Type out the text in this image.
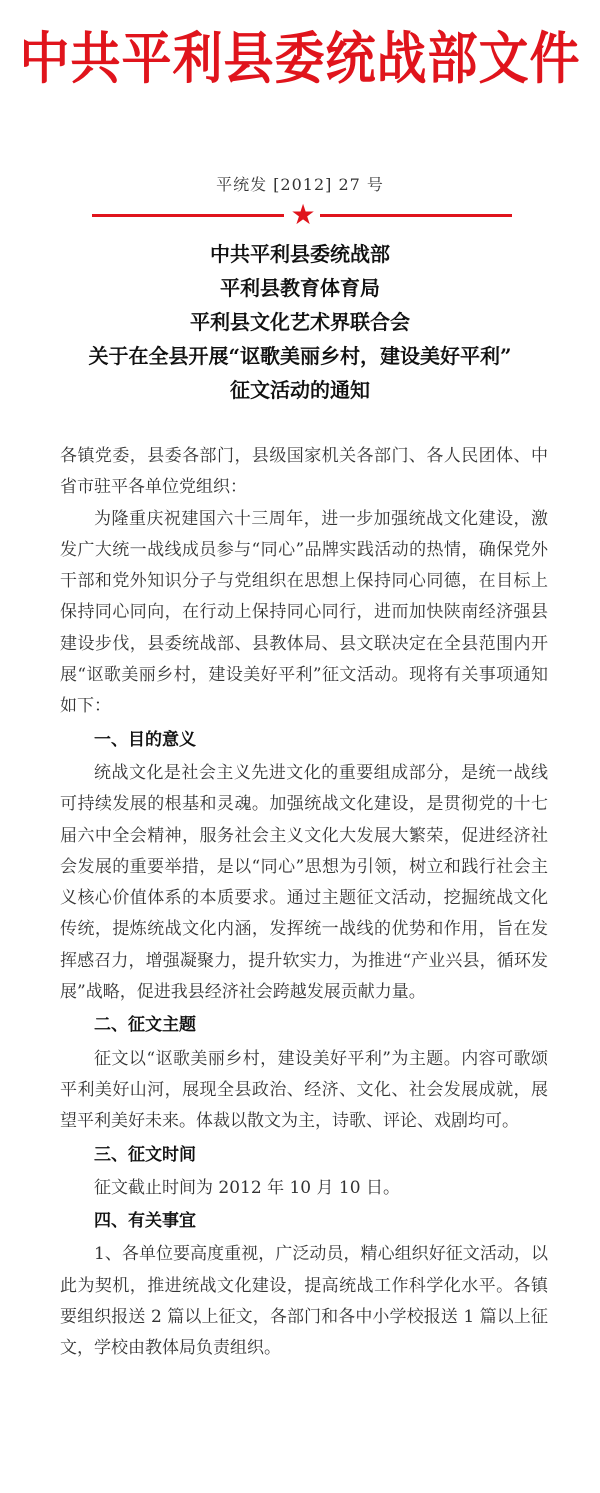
中共平利县委统战部文件
平统发 [2012] 27 号
★
中共平利县委统战部
平利县教育体育局
平利县文化艺术界联合会
关于在全县开展“讴歌美丽乡村，建设美好平利”
征文活动的通知

各镇党委，县委各部门，县级国家机关各部门、各人民团体、中省市驻平各单位党组织：

为隆重庆祝建国六十三周年，进一步加强统战文化建设，激发广大统一战线成员参与“同心”品牌实践活动的热情，确保党外干部和党外知识分子与党组织在思想上保持同心同德，在目标上保持同心同向，在行动上保持同心同行，进而加快陕南经济强县建设步伐，县委统战部、县教体局、县文联决定在全县范围内开展“讴歌美丽乡村，建设美好平利”征文活动。现将有关事项通知如下：

一、目的意义

统战文化是社会主义先进文化的重要组成部分，是统一战线可持续发展的根基和灵魂。加强统战文化建设，是贯彻党的十七届六中全会精神，服务社会主义文化大发展大繁荣，促进经济社会发展的重要举措，是以“同心”思想为引领，树立和践行社会主义核心价值体系的本质要求。通过主题征文活动，挖掘统战文化传统，提炼统战文化内涵，发挥统一战线的优势和作用，旨在发挥感召力，增强凝聚力，提升软实力，为推进“产业兴县，循环发展”战略，促进我县经济社会跨越发展贡献力量。

二、征文主题

征文以“讴歌美丽乡村，建设美好平利”为主题。内容可歌颂平利美好山河，展现全县政治、经济、文化、社会发展成就，展望平利美好未来。体裁以散文为主，诗歌、评论、戏剧均可。

三、征文时间

征文截止时间为 2012 年 10 月 10 日。

四、有关事宜

1、各单位要高度重视，广泛动员，精心组织好征文活动，以此为契机，推进统战文化建设，提高统战工作科学化水平。各镇要组织报送 2 篇以上征文，各部门和各中小学校报送 1 篇以上征文，学校由教体局负责组织。
